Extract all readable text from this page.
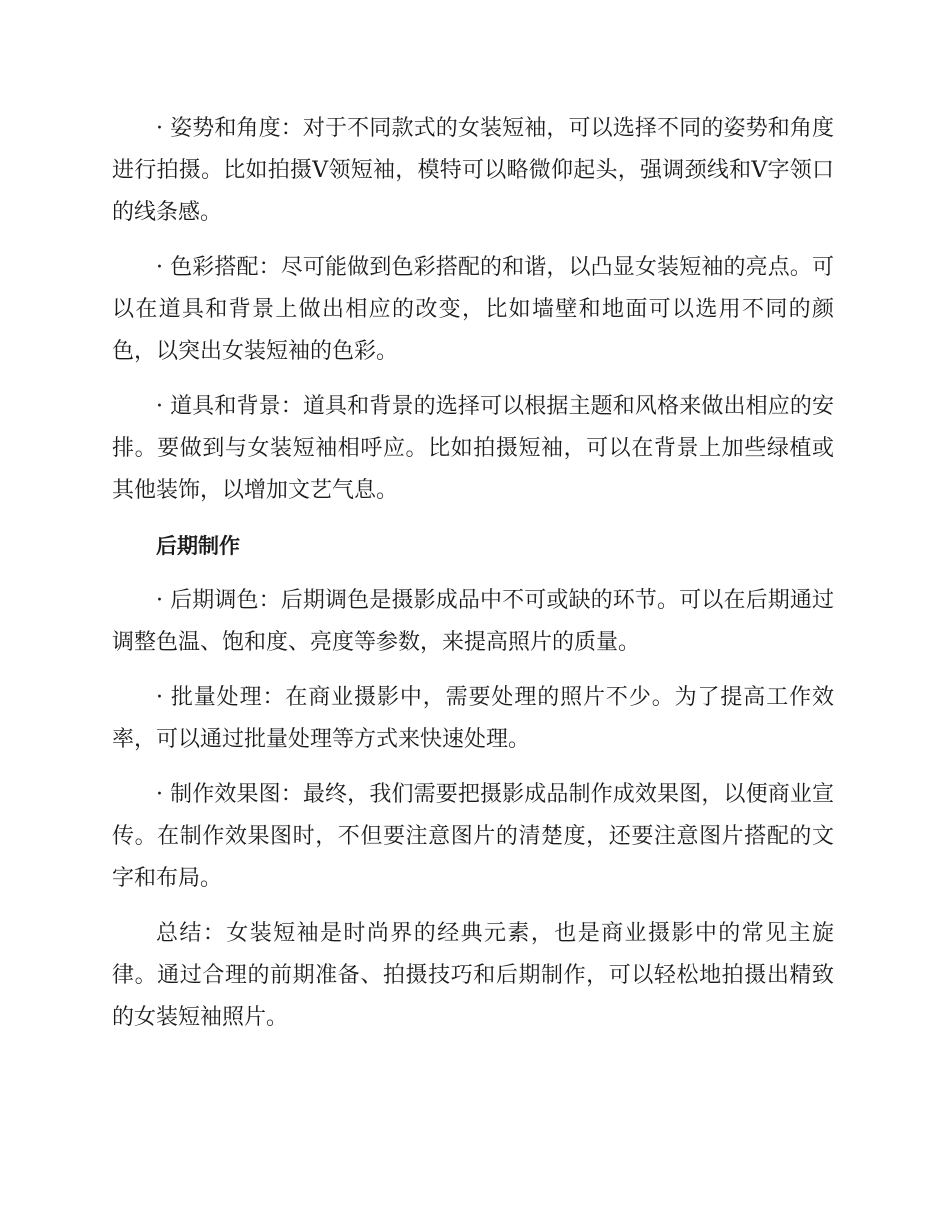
· 姿势和角度：对于不同款式的女装短袖，可以选择不同的姿势和角度进行拍摄。比如拍摄V领短袖，模特可以略微仰起头，强调颈线和V字领口的线条感。

· 色彩搭配：尽可能做到色彩搭配的和谐，以凸显女装短袖的亮点。可以在道具和背景上做出相应的改变，比如墙壁和地面可以选用不同的颜色，以突出女装短袖的色彩。

· 道具和背景：道具和背景的选择可以根据主题和风格来做出相应的安排。要做到与女装短袖相呼应。比如拍摄短袖，可以在背景上加些绿植或其他装饰，以增加文艺气息。

后期制作

· 后期调色：后期调色是摄影成品中不可或缺的环节。可以在后期通过调整色温、饱和度、亮度等参数，来提高照片的质量。

· 批量处理：在商业摄影中，需要处理的照片不少。为了提高工作效率，可以通过批量处理等方式来快速处理。

· 制作效果图：最终，我们需要把摄影成品制作成效果图，以便商业宣传。在制作效果图时，不但要注意图片的清楚度，还要注意图片搭配的文字和布局。

总结：女装短袖是时尚界的经典元素，也是商业摄影中的常见主旋律。通过合理的前期准备、拍摄技巧和后期制作，可以轻松地拍摄出精致的女装短袖照片。
